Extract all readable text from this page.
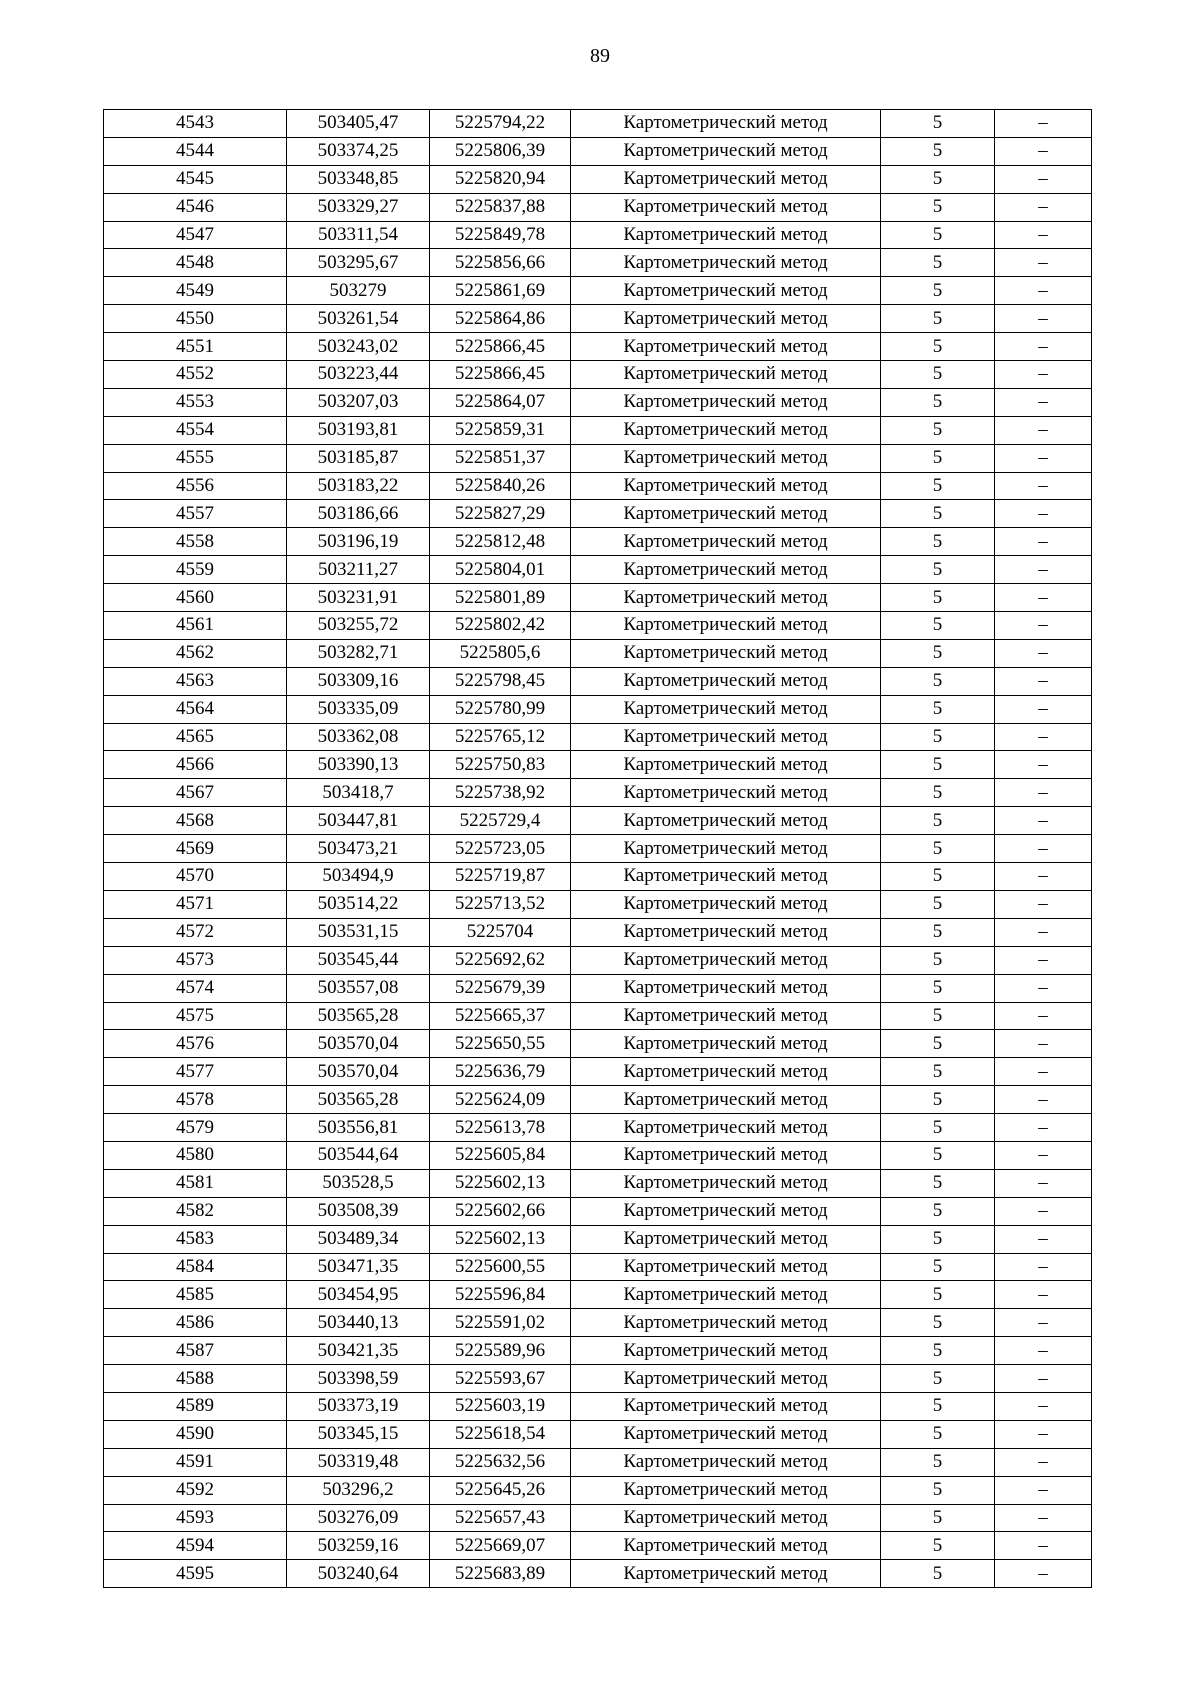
89
4543	503405,47	5225794,22	Картометрический метод	5	–
4544	503374,25	5225806,39	Картометрический метод	5	–
4545	503348,85	5225820,94	Картометрический метод	5	–
4546	503329,27	5225837,88	Картометрический метод	5	–
4547	503311,54	5225849,78	Картометрический метод	5	–
4548	503295,67	5225856,66	Картометрический метод	5	–
4549	503279	5225861,69	Картометрический метод	5	–
4550	503261,54	5225864,86	Картометрический метод	5	–
4551	503243,02	5225866,45	Картометрический метод	5	–
4552	503223,44	5225866,45	Картометрический метод	5	–
4553	503207,03	5225864,07	Картометрический метод	5	–
4554	503193,81	5225859,31	Картометрический метод	5	–
4555	503185,87	5225851,37	Картометрический метод	5	–
4556	503183,22	5225840,26	Картометрический метод	5	–
4557	503186,66	5225827,29	Картометрический метод	5	–
4558	503196,19	5225812,48	Картометрический метод	5	–
4559	503211,27	5225804,01	Картометрический метод	5	–
4560	503231,91	5225801,89	Картометрический метод	5	–
4561	503255,72	5225802,42	Картометрический метод	5	–
4562	503282,71	5225805,6	Картометрический метод	5	–
4563	503309,16	5225798,45	Картометрический метод	5	–
4564	503335,09	5225780,99	Картометрический метод	5	–
4565	503362,08	5225765,12	Картометрический метод	5	–
4566	503390,13	5225750,83	Картометрический метод	5	–
4567	503418,7	5225738,92	Картометрический метод	5	–
4568	503447,81	5225729,4	Картометрический метод	5	–
4569	503473,21	5225723,05	Картометрический метод	5	–
4570	503494,9	5225719,87	Картометрический метод	5	–
4571	503514,22	5225713,52	Картометрический метод	5	–
4572	503531,15	5225704	Картометрический метод	5	–
4573	503545,44	5225692,62	Картометрический метод	5	–
4574	503557,08	5225679,39	Картометрический метод	5	–
4575	503565,28	5225665,37	Картометрический метод	5	–
4576	503570,04	5225650,55	Картометрический метод	5	–
4577	503570,04	5225636,79	Картометрический метод	5	–
4578	503565,28	5225624,09	Картометрический метод	5	–
4579	503556,81	5225613,78	Картометрический метод	5	–
4580	503544,64	5225605,84	Картометрический метод	5	–
4581	503528,5	5225602,13	Картометрический метод	5	–
4582	503508,39	5225602,66	Картометрический метод	5	–
4583	503489,34	5225602,13	Картометрический метод	5	–
4584	503471,35	5225600,55	Картометрический метод	5	–
4585	503454,95	5225596,84	Картометрический метод	5	–
4586	503440,13	5225591,02	Картометрический метод	5	–
4587	503421,35	5225589,96	Картометрический метод	5	–
4588	503398,59	5225593,67	Картометрический метод	5	–
4589	503373,19	5225603,19	Картометрический метод	5	–
4590	503345,15	5225618,54	Картометрический метод	5	–
4591	503319,48	5225632,56	Картометрический метод	5	–
4592	503296,2	5225645,26	Картометрический метод	5	–
4593	503276,09	5225657,43	Картометрический метод	5	–
4594	503259,16	5225669,07	Картометрический метод	5	–
4595	503240,64	5225683,89	Картометрический метод	5	–
